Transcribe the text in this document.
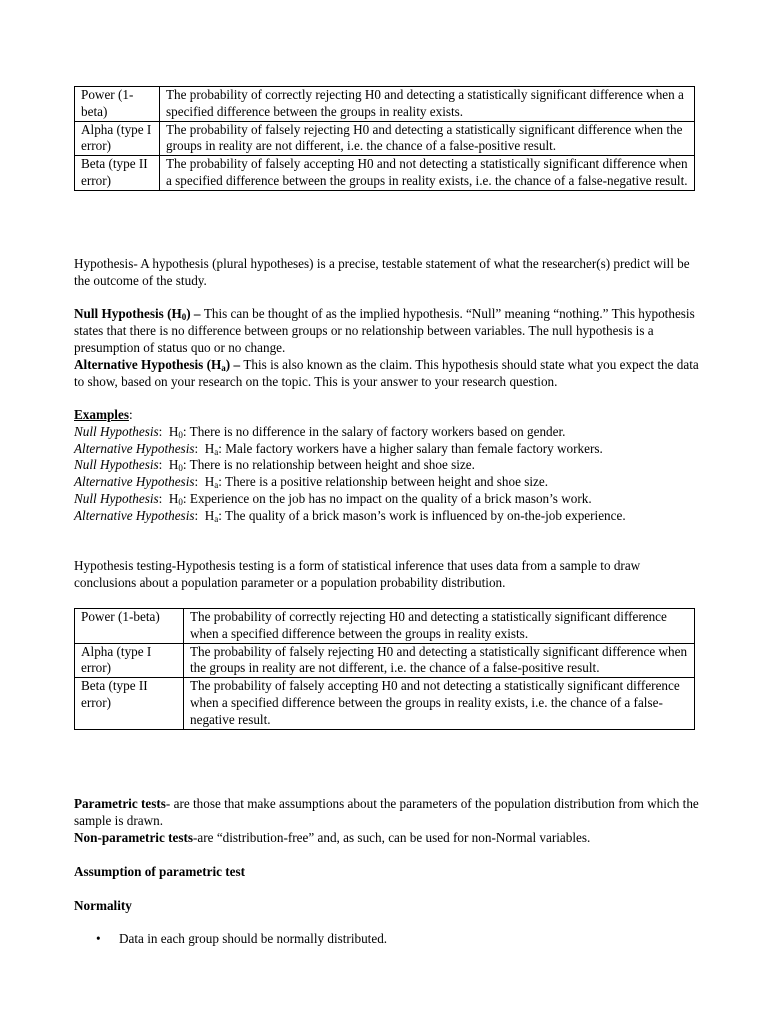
Power (1-beta)	The probability of correctly rejecting H0 and detecting a statistically significant difference when a specified difference between the groups in reality exists.
Alpha (type I error)	The probability of falsely rejecting H0 and detecting a statistically significant difference when the groups in reality are not different, i.e. the chance of a false-positive result.
Beta (type II error)	The probability of falsely accepting H0 and not detecting a statistically significant difference when a specified difference between the groups in reality exists, i.e. the chance of a false-negative result.
Hypothesis- A hypothesis (plural hypotheses) is a precise, testable statement of what the researcher(s) predict will be the outcome of the study.
Null Hypothesis $(H_0)$ – This can be thought of as the implied hypothesis. “Null” meaning “nothing.” This hypothesis states that there is no difference between groups or no relationship between variables. The null hypothesis is a presumption of status quo or no change.
Alternative Hypothesis $(H_a)$ – This is also known as the claim. This hypothesis should state what you expect the data to show, based on your research on the topic. This is your answer to your research question.
Examples:
Null Hypothesis:  $H_0$: There is no difference in the salary of factory workers based on gender.
Alternative Hypothesis:  $H_a$: Male factory workers have a higher salary than female factory workers.
Null Hypothesis:  $H_0$: There is no relationship between height and shoe size.
Alternative Hypothesis:  $H_a$: There is a positive relationship between height and shoe size.
Null Hypothesis:  $H_0$: Experience on the job has no impact on the quality of a brick mason’s work.
Alternative Hypothesis:  $H_a$: The quality of a brick mason’s work is influenced by on-the-job experience.
Hypothesis testing-Hypothesis testing is a form of statistical inference that uses data from a sample to draw conclusions about a population parameter or a population probability distribution.
Power (1-beta)	The probability of correctly rejecting H0 and detecting a statistically significant difference when a specified difference between the groups in reality exists.
Alpha (type I error)	The probability of falsely rejecting H0 and detecting a statistically significant difference when the groups in reality are not different, i.e. the chance of a false-positive result.
Beta (type II error)	The probability of falsely accepting H0 and not detecting a statistically significant difference when a specified difference between the groups in reality exists, i.e. the chance of a false-negative result.
Parametric tests- are those that make assumptions about the parameters of the population distribution from which the sample is drawn.
Non-parametric tests-are “distribution-free” and, as such, can be used for non-Normal variables.
Assumption of parametric test
Normality
• Data in each group should be normally distributed.
